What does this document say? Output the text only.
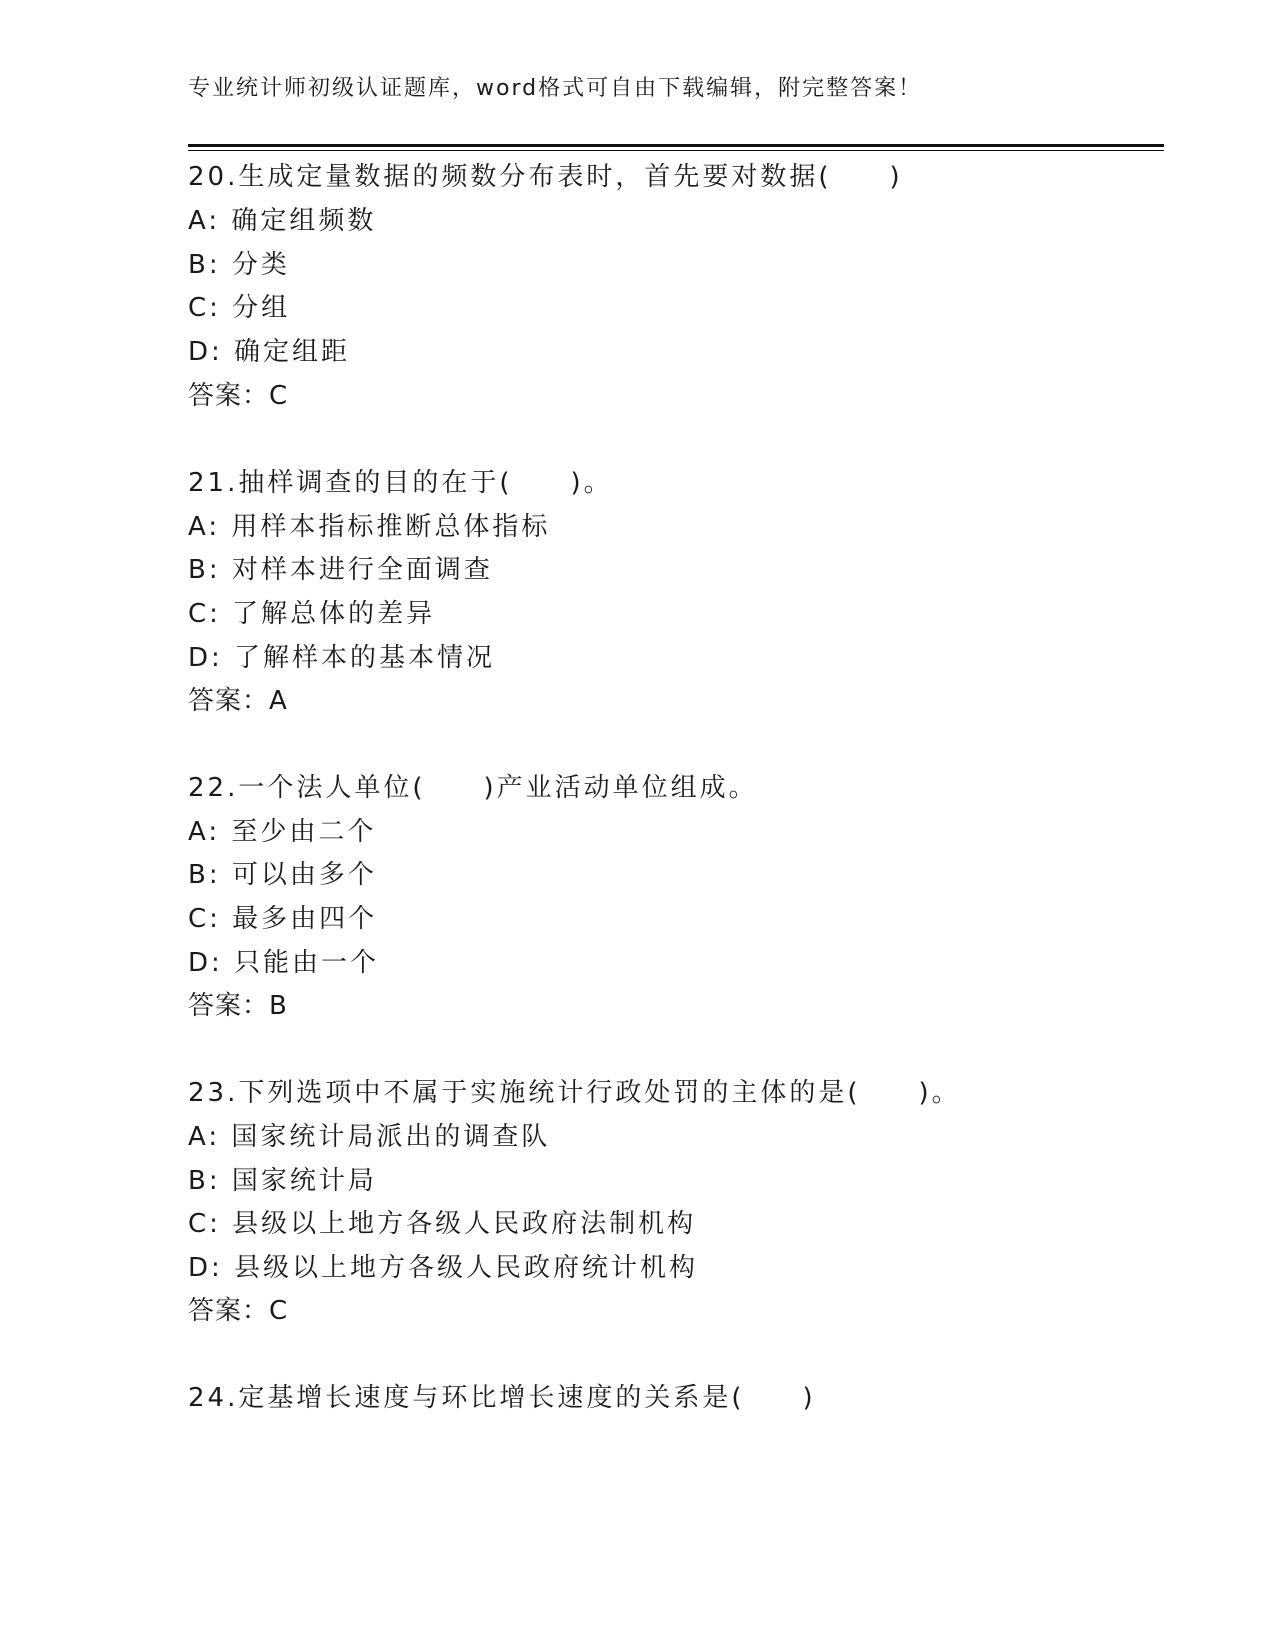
专业统计师初级认证题库，word格式可自由下载编辑，附完整答案！
20.生成定量数据的频数分布表时，首先要对数据(　　)
A: 确定组频数
B: 分类
C: 分组
D: 确定组距
答案：C
21.抽样调查的目的在于(　　)。
A: 用样本指标推断总体指标
B: 对样本进行全面调查
C: 了解总体的差异
D: 了解样本的基本情况
答案：A
22.一个法人单位(　　)产业活动单位组成。
A: 至少由二个
B: 可以由多个
C: 最多由四个
D: 只能由一个
答案：B
23.下列选项中不属于实施统计行政处罚的主体的是(　　)。
A: 国家统计局派出的调查队
B: 国家统计局
C: 县级以上地方各级人民政府法制机构
D: 县级以上地方各级人民政府统计机构
答案：C
24.定基增长速度与环比增长速度的关系是(　　)
